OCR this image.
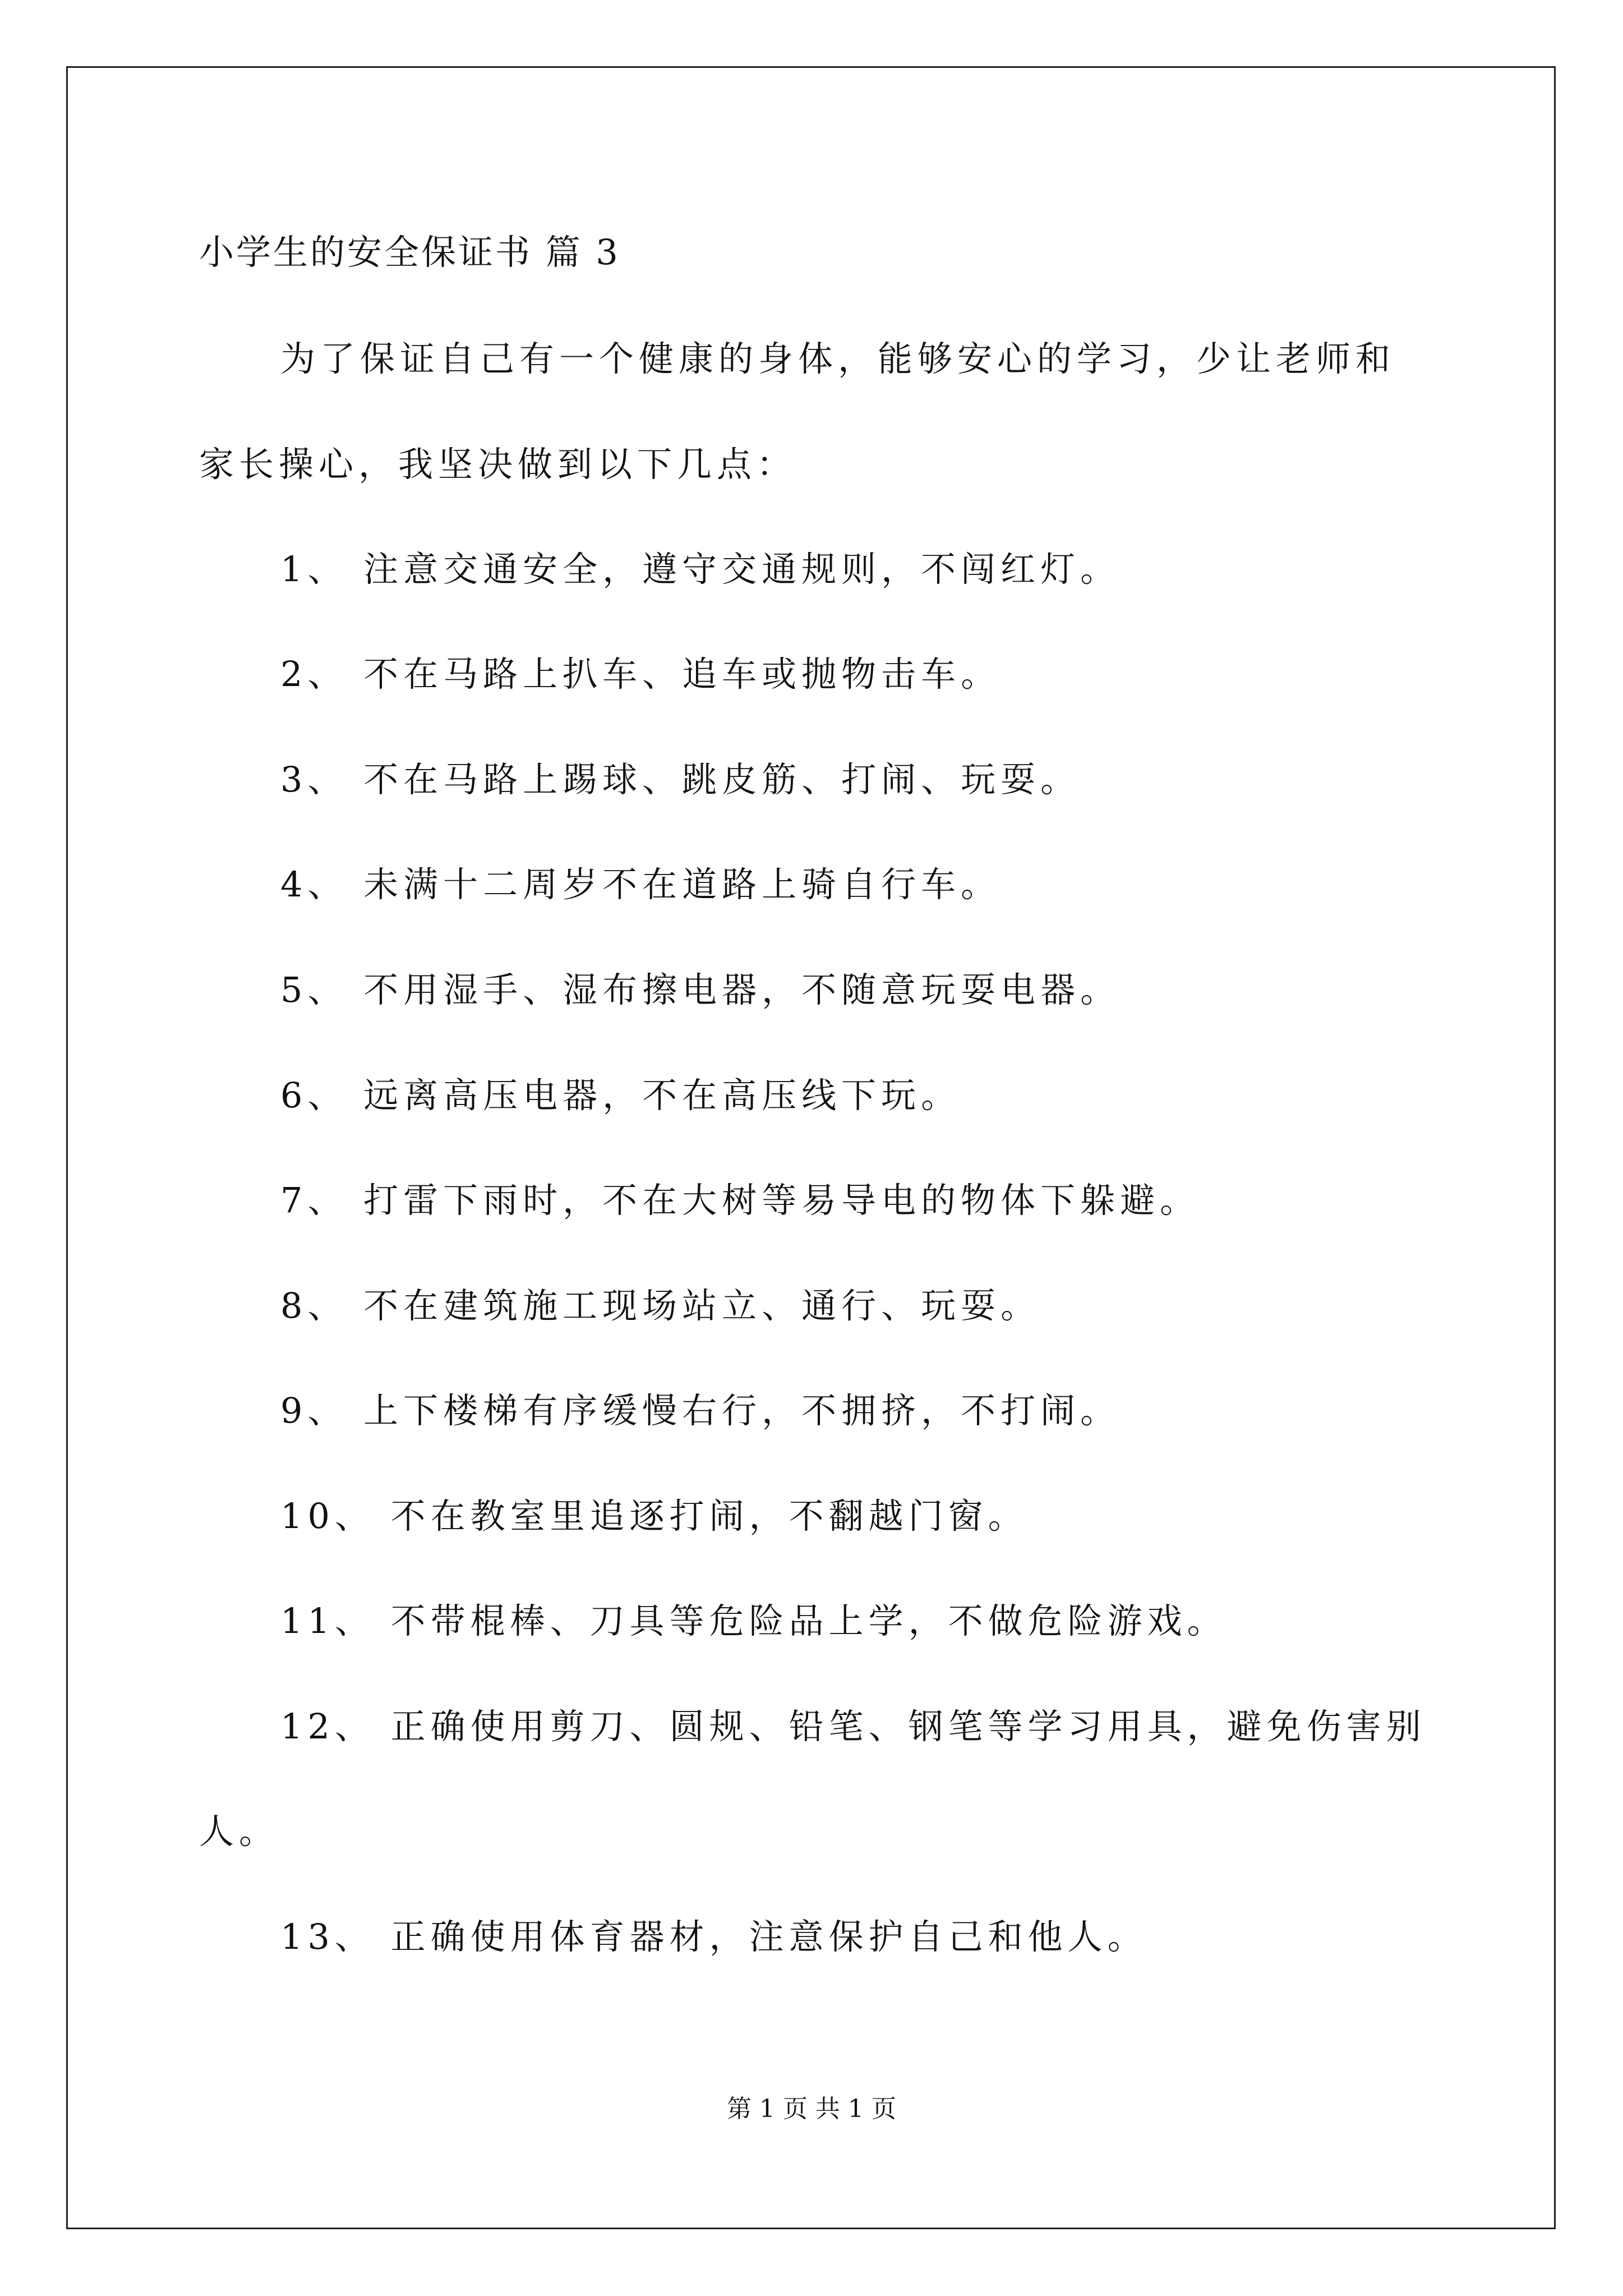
小学生的安全保证书 篇 3
为了保证自己有一个健康的身体，能够安心的学习，少让老师和
家长操心，我坚决做到以下几点：
1、 注意交通安全，遵守交通规则，不闯红灯。
2、 不在马路上扒车、追车或抛物击车。
3、 不在马路上踢球、跳皮筋、打闹、玩耍。
4、 未满十二周岁不在道路上骑自行车。
5、 不用湿手、湿布擦电器，不随意玩耍电器。
6、 远离高压电器，不在高压线下玩。
7、 打雷下雨时，不在大树等易导电的物体下躲避。
8、 不在建筑施工现场站立、通行、玩耍。
9、 上下楼梯有序缓慢右行，不拥挤，不打闹。
10、 不在教室里追逐打闹，不翻越门窗。
11、 不带棍棒、刀具等危险品上学，不做危险游戏。
12、 正确使用剪刀、圆规、铅笔、钢笔等学习用具，避免伤害别
人。
13、 正确使用体育器材，注意保护自己和他人。
第 1 页 共 1 页
